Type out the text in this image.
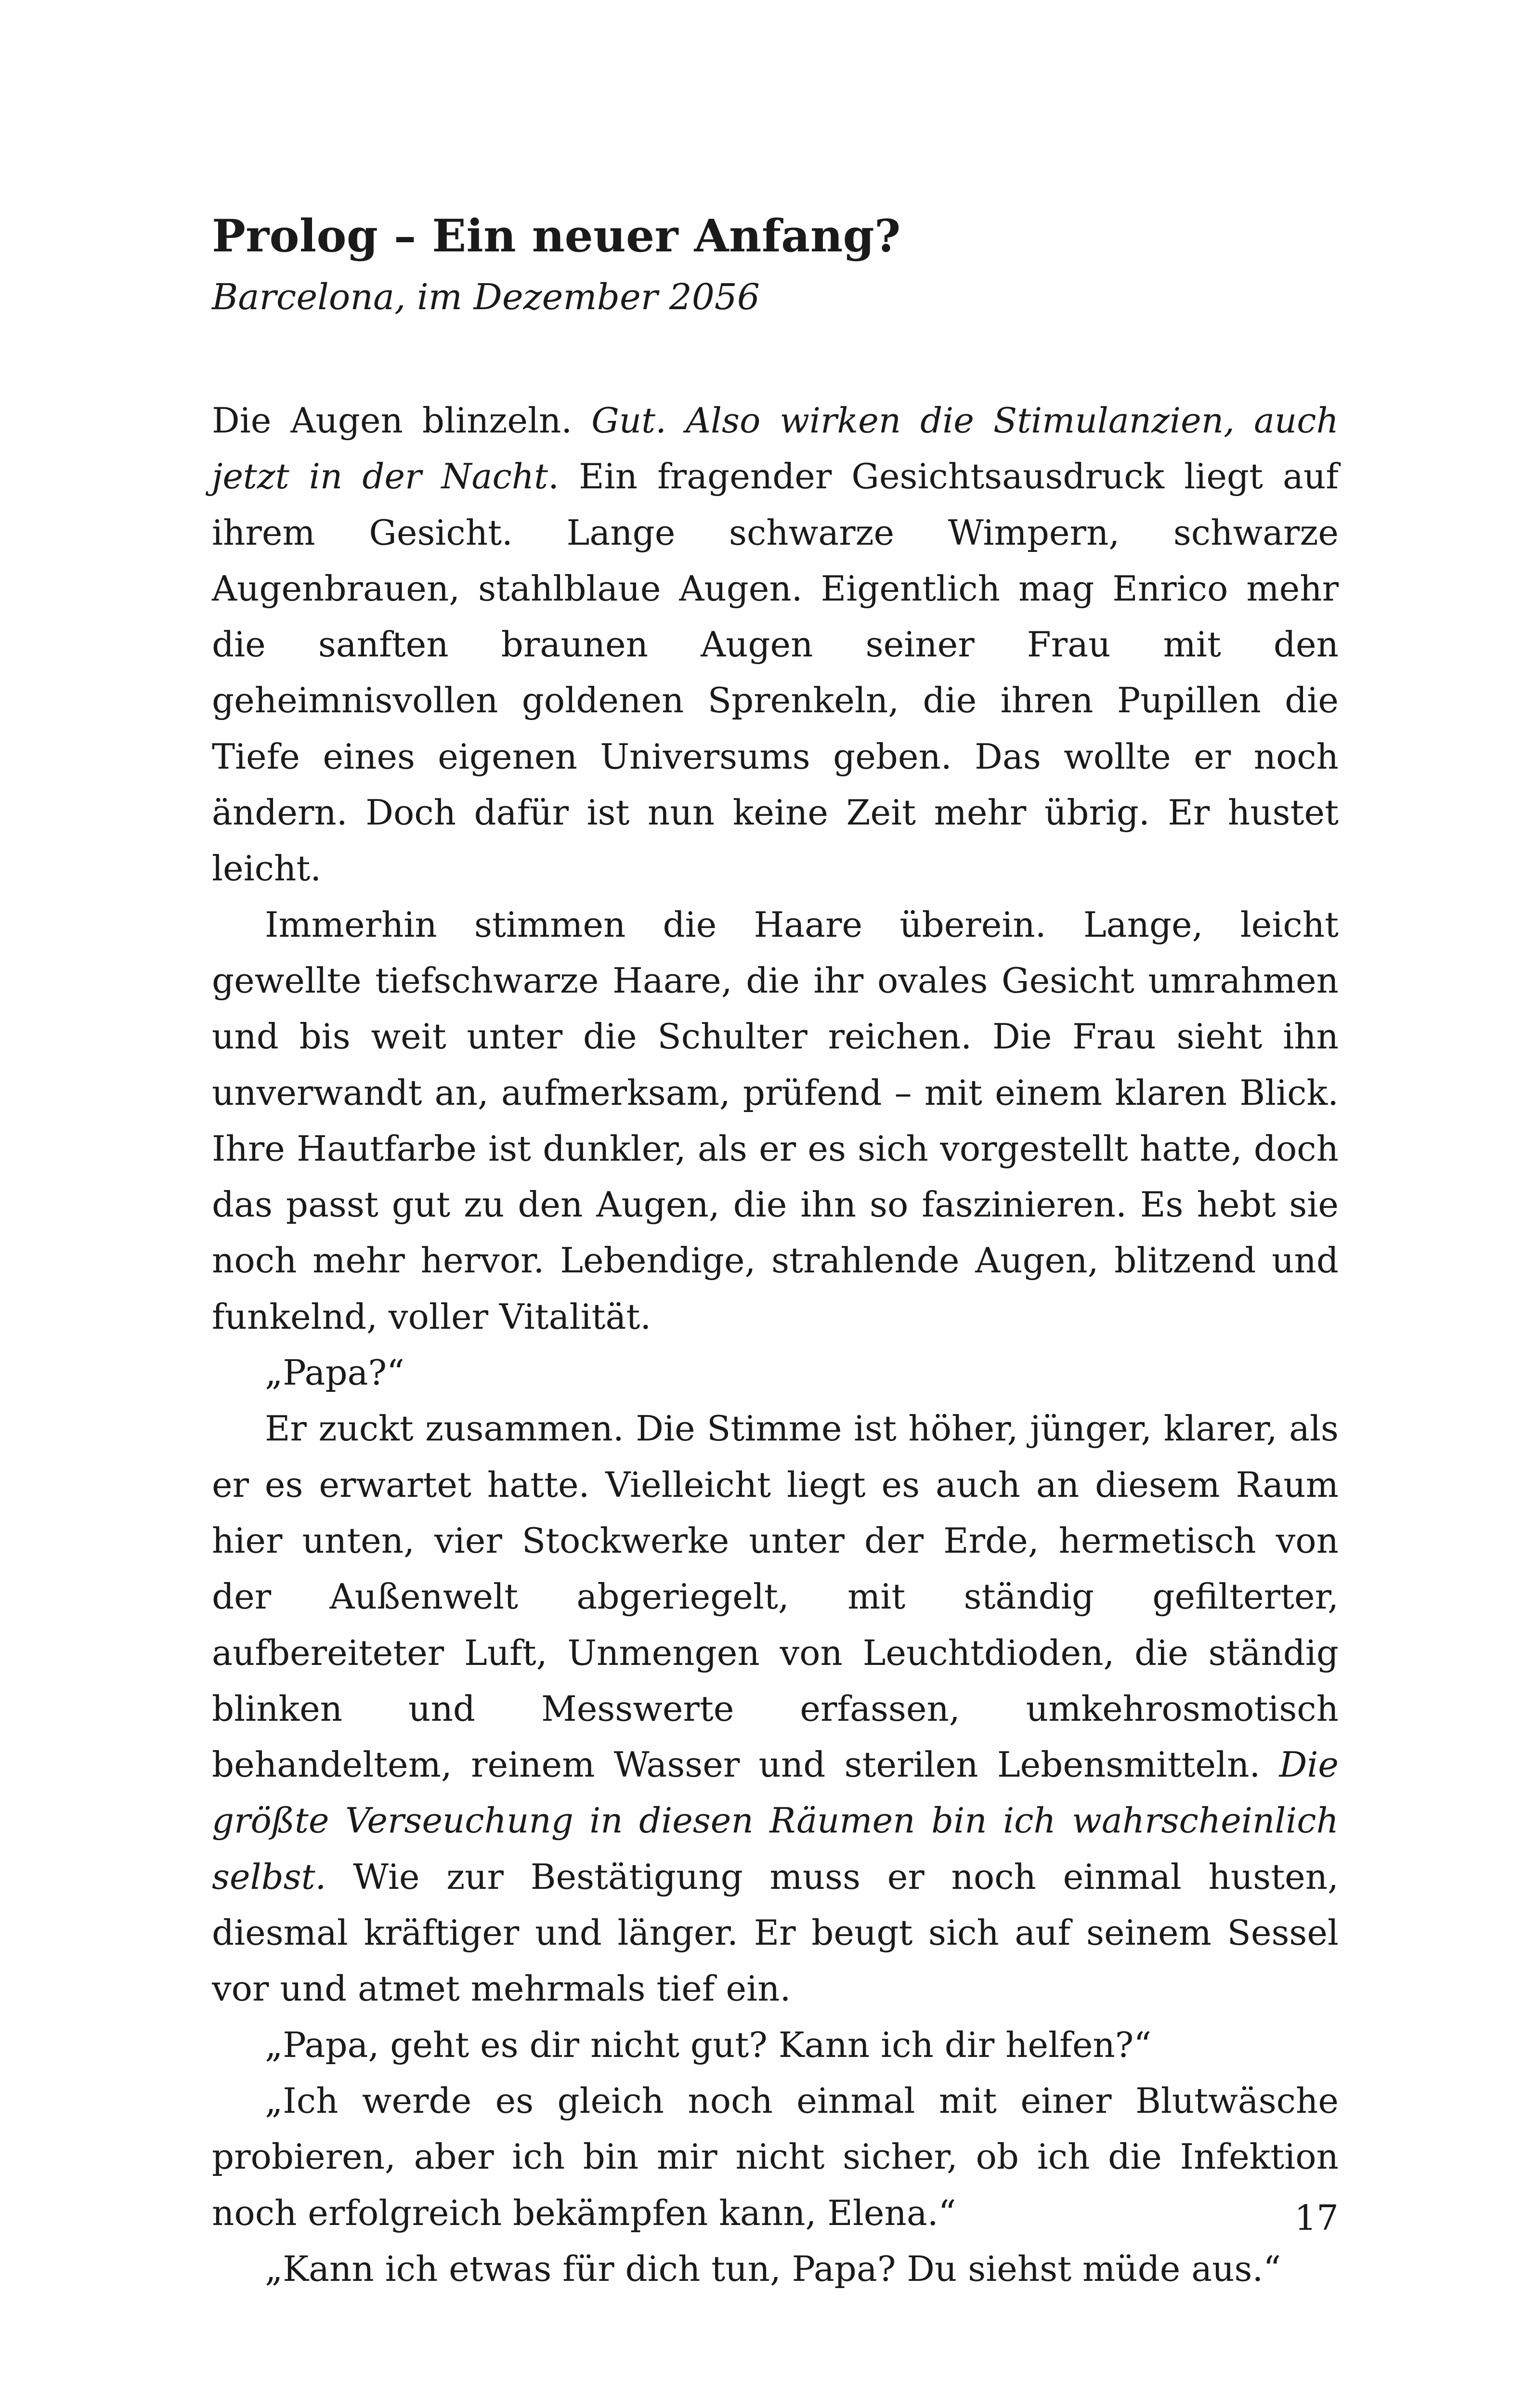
Prolog – Ein neuer Anfang?
Barcelona, im Dezember 2056

Die Augen blinzeln. Gut. Also wirken die Stimulanzien, auch jetzt in der Nacht. Ein fragender Gesichtsausdruck liegt auf ihrem Gesicht. Lange schwarze Wimpern, schwarze Augenbrauen, stahlblaue Augen. Eigentlich mag Enrico mehr die sanften braunen Augen seiner Frau mit den geheimnisvollen goldenen Sprenkeln, die ihren Pupillen die Tiefe eines eigenen Universums geben. Das wollte er noch ändern. Doch dafür ist nun keine Zeit mehr übrig. Er hustet leicht.

Immerhin stimmen die Haare überein. Lange, leicht gewellte tiefschwarze Haare, die ihr ovales Gesicht umrahmen und bis weit unter die Schulter reichen. Die Frau sieht ihn unverwandt an, aufmerksam, prüfend – mit einem klaren Blick. Ihre Hautfarbe ist dunkler, als er es sich vorgestellt hatte, doch das passt gut zu den Augen, die ihn so faszinieren. Es hebt sie noch mehr hervor. Lebendige, strahlende Augen, blitzend und funkelnd, voller Vitalität.

„Papa?“

Er zuckt zusammen. Die Stimme ist höher, jünger, klarer, als er es erwartet hatte. Vielleicht liegt es auch an diesem Raum hier unten, vier Stockwerke unter der Erde, hermetisch von der Außenwelt abgeriegelt, mit ständig gefilterter, aufbereiteter Luft, Unmengen von Leuchtdioden, die ständig blinken und Messwerte erfassen, umkehrosmotisch behandeltem, reinem Wasser und sterilen Lebensmitteln. Die größte Verseuchung in diesen Räumen bin ich wahrscheinlich selbst. Wie zur Bestätigung muss er noch einmal husten, diesmal kräftiger und länger. Er beugt sich auf seinem Sessel vor und atmet mehrmals tief ein.

„Papa, geht es dir nicht gut? Kann ich dir helfen?“

„Ich werde es gleich noch einmal mit einer Blutwäsche probieren, aber ich bin mir nicht sicher, ob ich die Infektion noch erfolgreich bekämpfen kann, Elena.“

„Kann ich etwas für dich tun, Papa? Du siehst müde aus.“

17
